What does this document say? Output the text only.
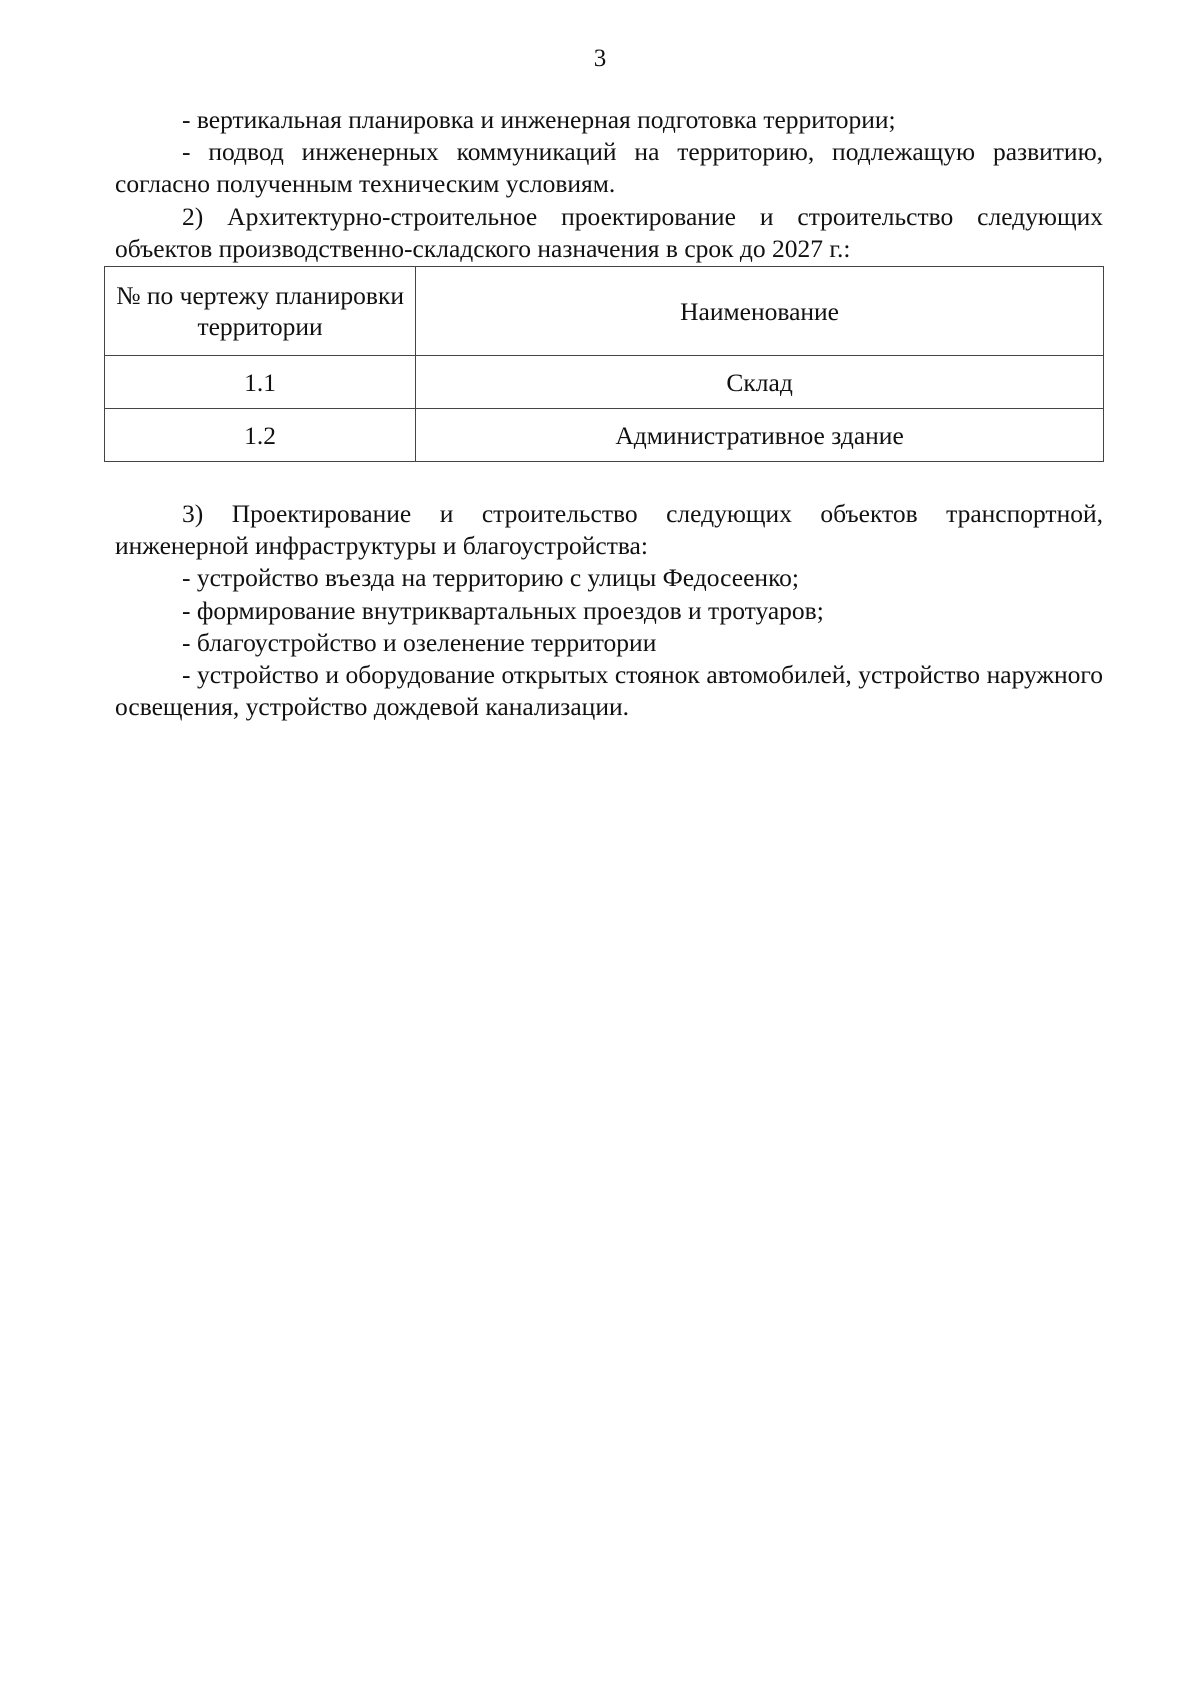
3

- вертикальная планировка и инженерная подготовка территории;

- подвод инженерных коммуникаций на территорию, подлежащую развитию, согласно полученным техническим условиям.

2) Архитектурно-строительное проектирование и строительство следующих объектов производственно-складского назначения в срок до 2027 г.:

№ по чертежу планировки территории	Наименование
1.1	Склад
1.2	Административное здание

3) Проектирование и строительство следующих объектов транспортной, инженерной инфраструктуры и благоустройства:

- устройство въезда на территорию с улицы Федосеенко;

- формирование внутриквартальных проездов и тротуаров;

- благоустройство и озеленение территории

- устройство и оборудование открытых стоянок автомобилей, устройство наружного освещения, устройство дождевой канализации.
